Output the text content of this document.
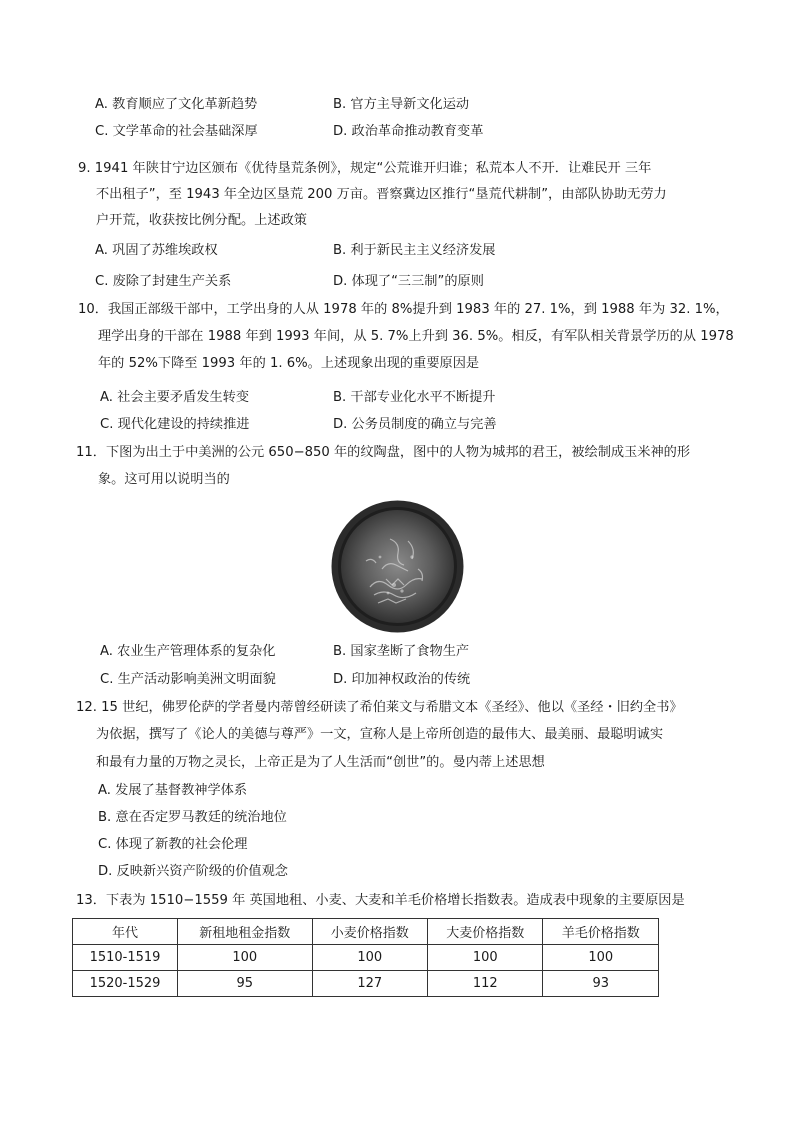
A. 教育顺应了文化革新趋势	B. 官方主导新文化运动
C. 文学革命的社会基础深厚	D. 政治革命推动教育变革
9. 1941 年陕甘宁边区颁布《优待垦荒条例》，规定“公荒谁开归谁；私荒本人不开．让难民开 三年
不出租子”，至 1943 年全边区垦荒 200 万亩。晋察冀边区推行“垦荒代耕制”，由部队协助无劳力
户开荒，收获按比例分配。上述政策
A. 巩固了苏维埃政权	B. 利于新民主主义经济发展
C. 废除了封建生产关系	D. 体现了“三三制”的原则
10．我国正部级干部中，工学出身的人从 1978 年的 8%提升到 1983 年的 27. 1%，到 1988 年为 32. 1%，
理学出身的干部在 1988 年到 1993 年间，从 5. 7%上升到 36. 5%。相反，有军队相关背景学历的从 1978
年的 52%下降至 1993 年的 1. 6%。上述现象出现的重要原因是
A. 社会主要矛盾发生转变	B. 干部专业化水平不断提升
C. 现代化建设的持续推进	D. 公务员制度的确立与完善
11．下图为出土于中美洲的公元 650−850 年的纹陶盘，图中的人物为城邦的君王，被绘制成玉米神的形
象。这可用以说明当的
A. 农业生产管理体系的复杂化	B. 国家垄断了食物生产
C. 生产活动影响美洲文明面貌	D. 印加神权政治的传统
12. 15 世纪，佛罗伦萨的学者曼内蒂曾经研读了希伯莱文与希腊文本《圣经》、他以《圣经・旧约全书》
为依据，撰写了《论人的美德与尊严》一文，宣称人是上帝所创造的最伟大、最美丽、最聪明诚实
和最有力量的万物之灵长，上帝正是为了人生活而“创世”的。曼内蒂上述思想
A. 发展了基督教神学体系
B. 意在否定罗马教廷的统治地位
C. 体现了新教的社会伦理
D. 反映新兴资产阶级的价值观念
13．下表为 1510−1559 年 英国地租、小麦、大麦和羊毛价格增长指数表。造成表中现象的主要原因是
年代	新租地租金指数	小麦价格指数	大麦价格指数	羊毛价格指数
1510-1519	100	100	100	100
1520-1529	95	127	112	93
